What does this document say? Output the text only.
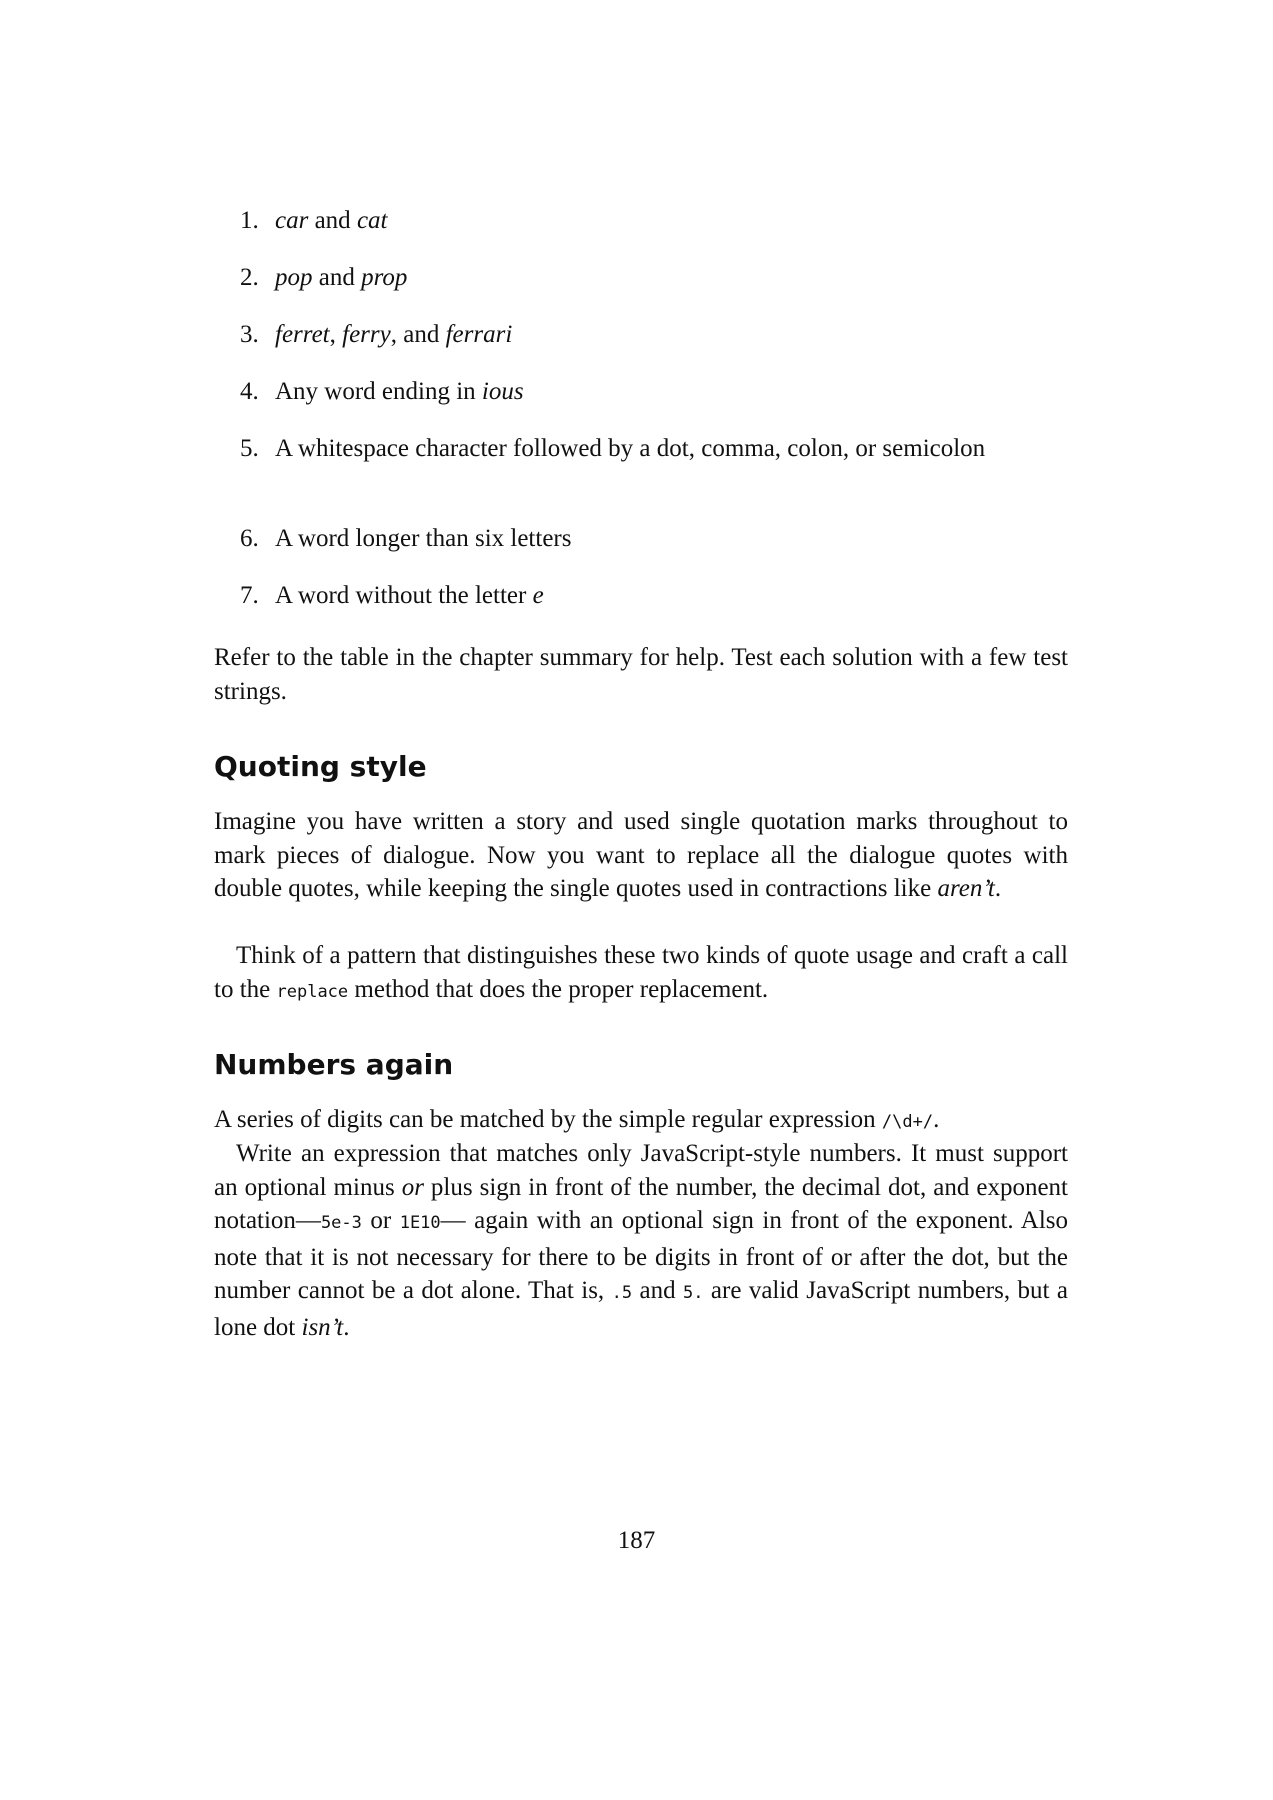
1. car and cat
2. pop and prop
3. ferret, ferry, and ferrari
4. Any word ending in ious
5. A whitespace character followed by a dot, comma, colon, or semicolon
6. A word longer than six letters
7. A word without the letter e
Refer to the table in the chapter summary for help. Test each solution with a few test strings.
Quoting style
Imagine you have written a story and used single quotation marks throughout to mark pieces of dialogue. Now you want to replace all the dialogue quotes with double quotes, while keeping the single quotes used in contractions like aren’t.
Think of a pattern that distinguishes these two kinds of quote usage and craft a call to the replace method that does the proper replacement.
Numbers again
A series of digits can be matched by the simple regular expression /\d+/.
Write an expression that matches only JavaScript-style numbers. It must support an optional minus or plus sign in front of the number, the decimal dot, and exponent notation—5e-3 or 1E10— again with an optional sign in front of the exponent. Also note that it is not necessary for there to be digits in front of or after the dot, but the number cannot be a dot alone. That is, .5 and 5. are valid JavaScript numbers, but a lone dot isn’t.
187
